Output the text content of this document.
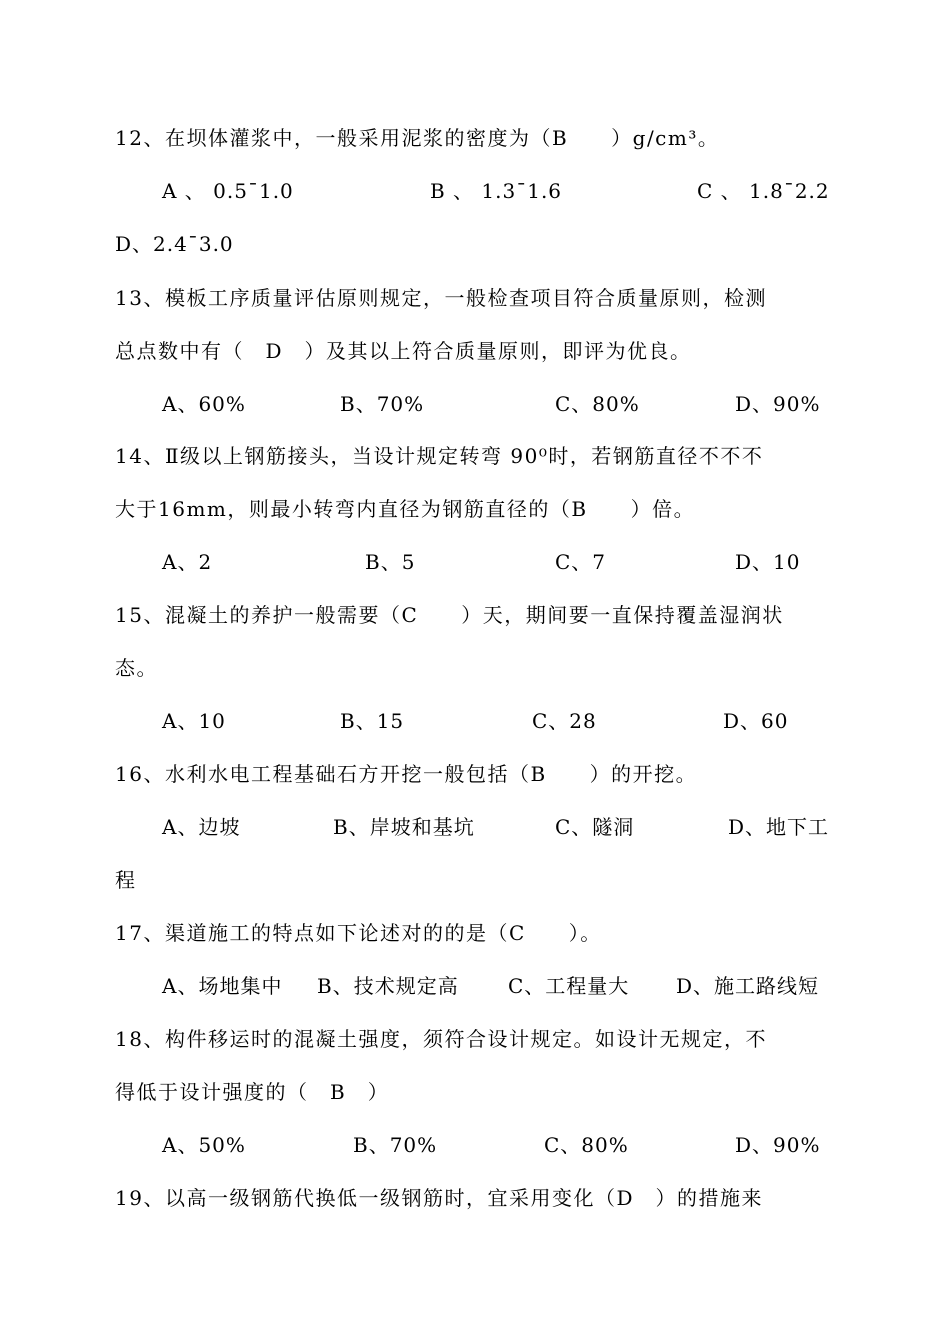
12、在坝体灌浆中，一般采用泥浆的密度为（B　　）g/cm³。
A 、 0.5¯1.0	B 、 1.3¯1.6	C 、 1.8¯2.2
D、2.4¯3.0
13、模板工序质量评估原则规定，一般检查项目符合质量原则，检测
总点数中有（　D　）及其以上符合质量原则，即评为优良。
A、60%	B、70%	C、80%	D、90%
14、Ⅱ级以上钢筋接头，当设计规定转弯 90⁰时，若钢筋直径不不不
大于16mm，则最小转弯内直径为钢筋直径的（B　　）倍。
A、2	B、5	C、7	D、10
15、混凝土的养护一般需要（C　　）天，期间要一直保持覆盖湿润状
态。
A、10	B、15	C、28	D、60
16、水利水电工程基础石方开挖一般包括（B　　）的开挖。
A、边坡	B、岸坡和基坑	C、隧洞	D、地下工
程
17、渠道施工的特点如下论述对的的是（C　　）。
A、场地集中 B、技术规定高 C、工程量大 D、施工路线短
18、构件移运时的混凝土强度，须符合设计规定。如设计无规定，不
得低于设计强度的（　B　）
A、50%	B、70%	C、80%	D、90%
19、以高一级钢筋代换低一级钢筋时，宜采用变化（D　）的措施来
